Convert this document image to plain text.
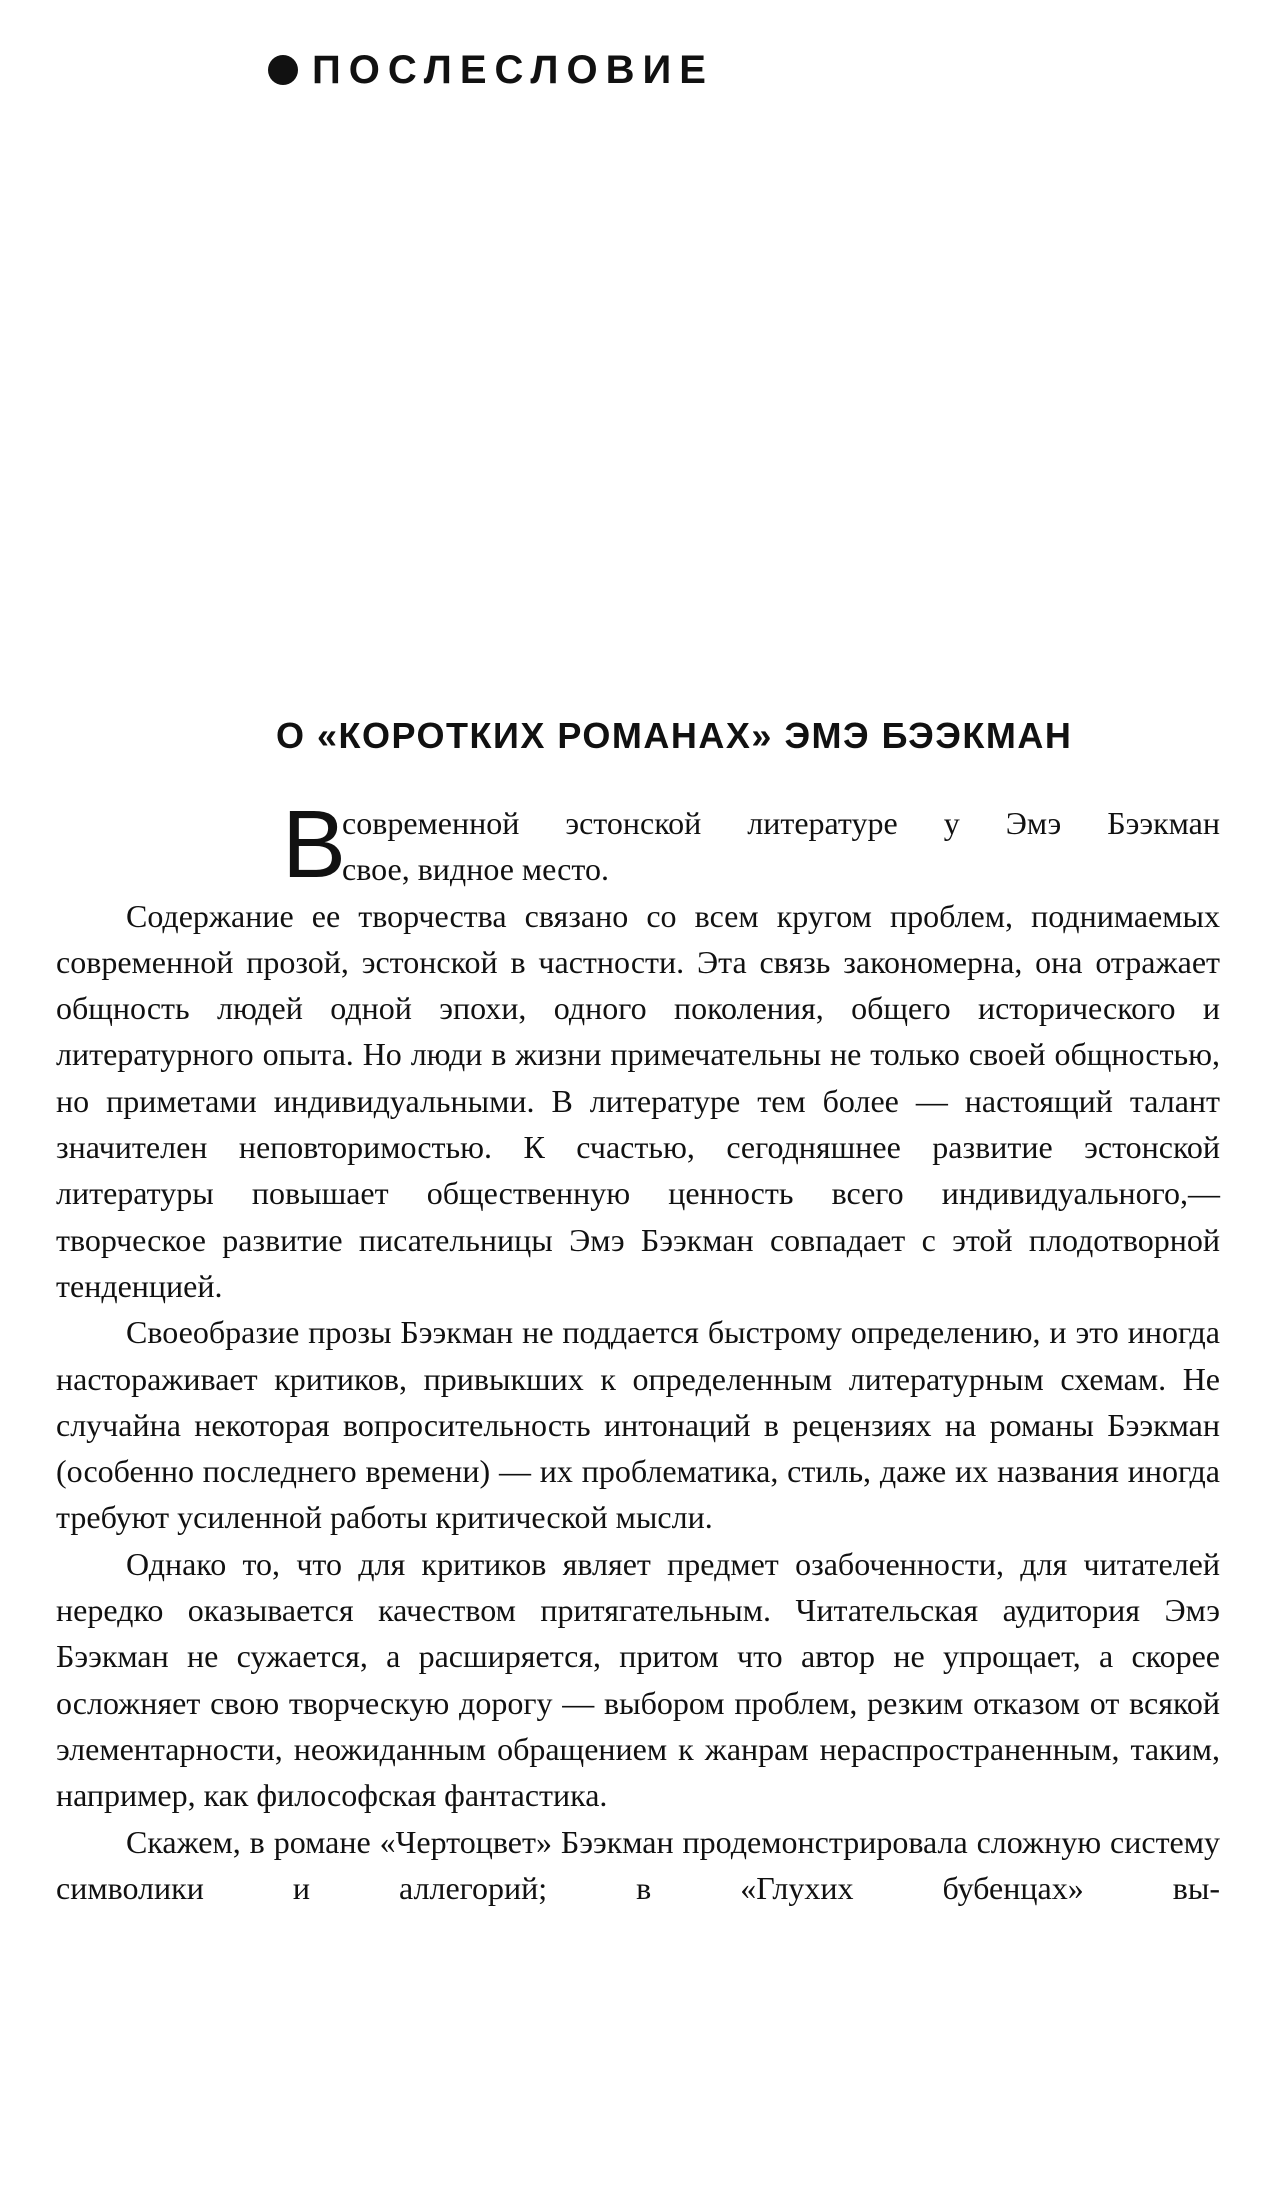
ПОСЛЕСЛОВИЕ
О «КОРОТКИХ РОМАНАХ» ЭМЭ БЭЭКМАН
В
современной эстонской литературе у Эмэ Бээкман
свое, видное место.

Содержание ее творчества связано со всем кругом проблем, поднимаемых современной прозой, эстонской в частности. Эта связь закономерна, она отражает общность людей одной эпохи, одного поколения, общего исторического и литературного опыта. Но люди в жизни примечательны не только своей общностью, но приметами индивидуальными. В литературе тем более — настоящий талант значителен неповторимостью. К счастью, сегодняшнее развитие эстонской литературы повышает общественную ценность всего индивидуального,— творческое развитие писательницы Эмэ Бээкман совпадает с этой плодотворной тенденцией.

Своеобразие прозы Бээкман не поддается быстрому определению, и это иногда настораживает критиков, привыкших к определенным литературным схемам. Не случайна некоторая вопросительность интонаций в рецензиях на романы Бээкман (особенно последнего времени) — их проблематика, стиль, даже их названия иногда требуют усиленной работы критической мысли.

Однако то, что для критиков являет предмет озабоченности, для читателей нередко оказывается качеством притягательным. Читательская аудитория Эмэ Бээкман не сужается, а расширяется, притом что автор не упрощает, а скорее осложняет свою творческую дорогу — выбором проблем, резким отказом от всякой элементарности, неожиданным обращением к жанрам нераспространенным, таким, например, как философская фантастика.

Скажем, в романе «Чертоцвет» Бээкман продемонстрировала сложную систему символики и аллегорий; в «Глухих бубенцах» вы-
